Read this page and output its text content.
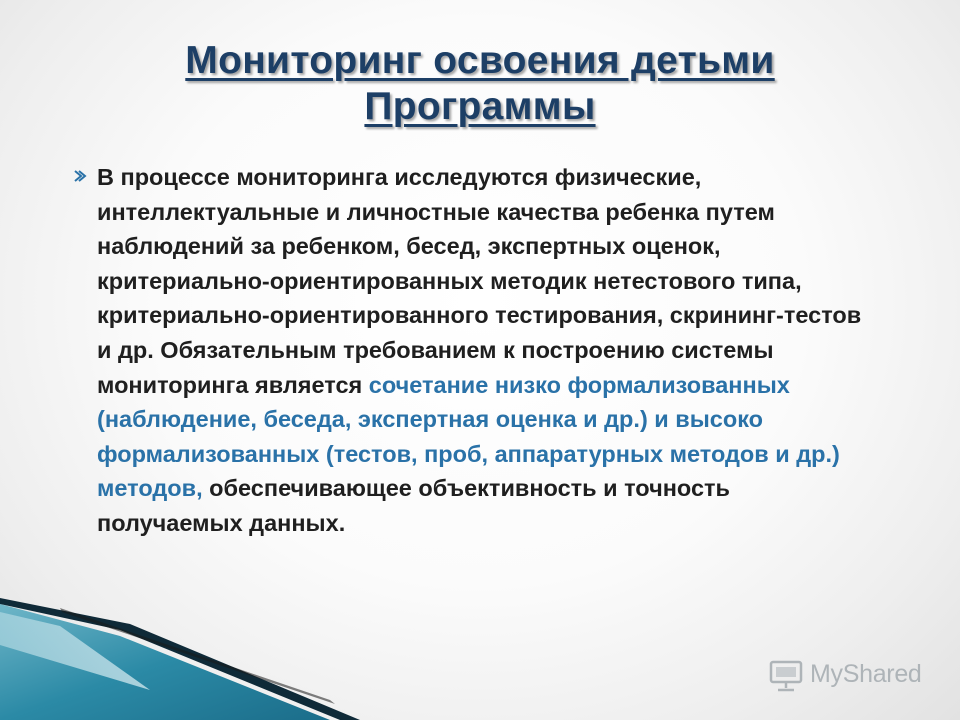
Мониторинг освоения детьми
Программы
В процессе мониторинга исследуются физические, интеллектуальные и личностные качества ребенка путем наблюдений за ребенком, бесед, экспертных оценок, критериально-ориентированных методик нетестового типа, критериально-ориентированного тестирования, скрининг-тестов и др. Обязательным требованием к построению системы мониторинга является сочетание низко формализованных (наблюдение, беседа, экспертная оценка и др.) и высоко формализованных (тестов, проб, аппаратурных методов и др.) методов, обеспечивающее объективность и точность получаемых данных.
MyShared
